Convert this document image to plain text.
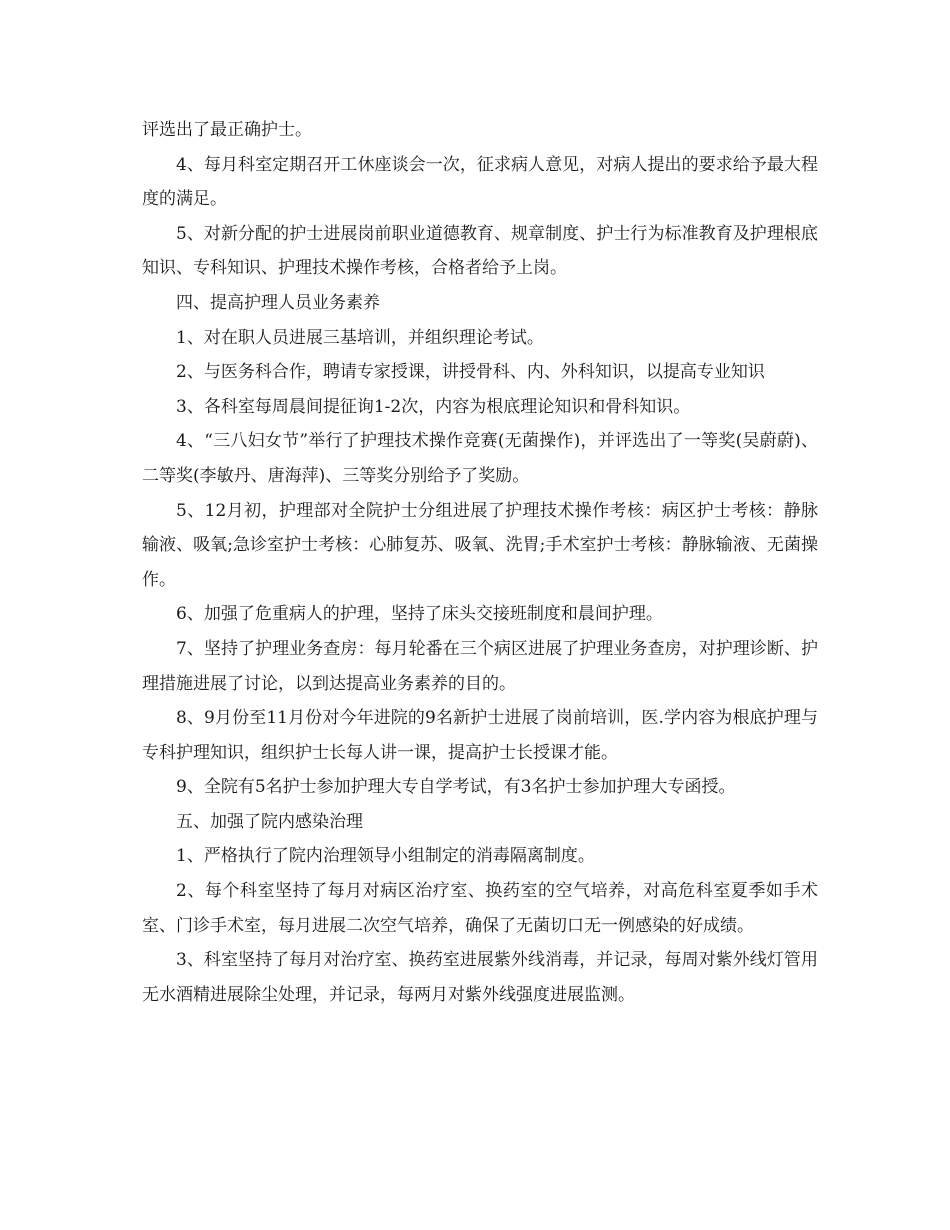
评选出了最正确护士。

4、每月科室定期召开工休座谈会一次，征求病人意见，对病人提出的要求给予最大程度的满足。

5、对新分配的护士进展岗前职业道德教育、规章制度、护士行为标准教育及护理根底知识、专科知识、护理技术操作考核，合格者给予上岗。

四、提高护理人员业务素养

1、对在职人员进展三基培训，并组织理论考试。

2、与医务科合作，聘请专家授课，讲授骨科、内、外科知识，以提高专业知识

3、各科室每周晨间提征询1-2次，内容为根底理论知识和骨科知识。

4、“三八妇女节”举行了护理技术操作竞赛(无菌操作)，并评选出了一等奖(吴蔚蔚)、二等奖(李敏丹、唐海萍)、三等奖分别给予了奖励。

5、12月初，护理部对全院护士分组进展了护理技术操作考核：病区护士考核：静脉输液、吸氧;急诊室护士考核：心肺复苏、吸氧、洗胃;手术室护士考核：静脉输液、无菌操作。

6、加强了危重病人的护理，坚持了床头交接班制度和晨间护理。

7、坚持了护理业务查房：每月轮番在三个病区进展了护理业务查房，对护理诊断、护理措施进展了讨论，以到达提高业务素养的目的。

8、9月份至11月份对今年进院的9名新护士进展了岗前培训，医.学内容为根底护理与专科护理知识，组织护士长每人讲一课，提高护士长授课才能。

9、全院有5名护士参加护理大专自学考试，有3名护士参加护理大专函授。

五、加强了院内感染治理

1、严格执行了院内治理领导小组制定的消毒隔离制度。

2、每个科室坚持了每月对病区治疗室、换药室的空气培养，对高危科室夏季如手术室、门诊手术室，每月进展二次空气培养，确保了无菌切口无一例感染的好成绩。

3、科室坚持了每月对治疗室、换药室进展紫外线消毒，并记录，每周对紫外线灯管用无水酒精进展除尘处理，并记录，每两月对紫外线强度进展监测。
